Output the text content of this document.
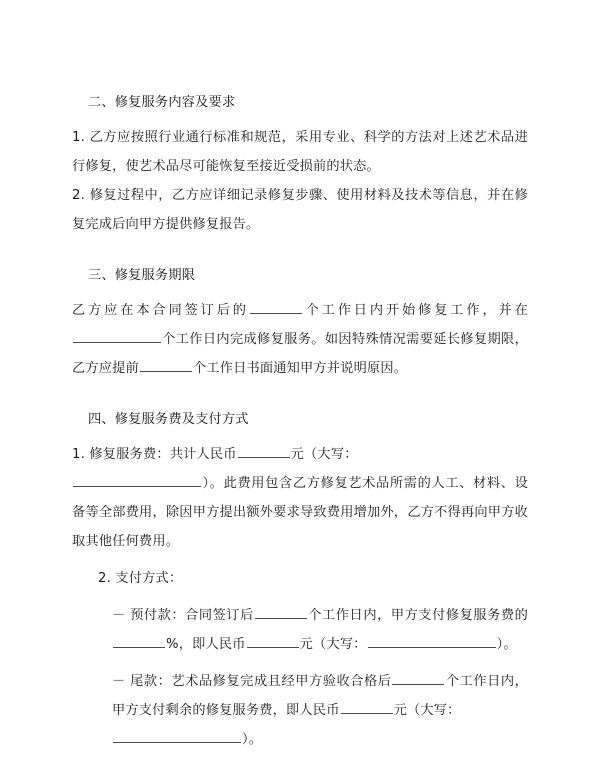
二、修复服务内容及要求

1. 乙方应按照行业通行标准和规范，采用专业、科学的方法对上述艺术品进行修复，使艺术品尽可能恢复至接近受损前的状态。

2. 修复过程中，乙方应详细记录修复步骤、使用材料及技术等信息，并在修复完成后向甲方提供修复报告。

三、修复服务期限

乙方应在本合同签订后的	个工作日内开始修复工作，并在个工作日内完成修复服务。如因特殊情况需要延长修复期限，乙方应提前	个工作日书面通知甲方并说明原因。

四、修复服务费及支付方式

1. 修复服务费：共计人民币	元（大写：
）。此费用包含乙方修复艺术品所需的人工、材料、设备等全部费用，除因甲方提出额外要求导致费用增加外，乙方不得再向甲方收取其他任何费用。

2. 支付方式：

－ 预付款：合同签订后	个工作日内，甲方支付修复服务费的%，即人民币	元（大写：	）。

－ 尾款：艺术品修复完成且经甲方验收合格后	个工作日内，甲方支付剩余的修复服务费，即人民币	元（大写：
）。
